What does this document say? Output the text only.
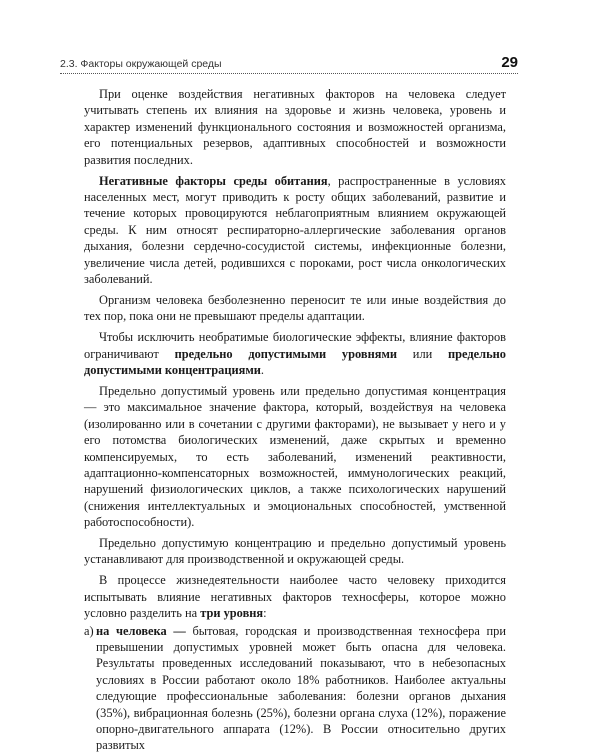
2.3. Факторы окружающей среды	29

При оценке воздействия негативных факторов на человека следует учитывать степень их влияния на здоровье и жизнь человека, уровень и характер изменений функционального состояния и возможностей организма, его потенциальных резервов, адаптивных способностей и возможности развития последних.

Негативные факторы среды обитания, распространенные в условиях населенных мест, могут приводить к росту общих заболеваний, развитие и течение которых провоцируются неблагоприятным влиянием окружающей среды. К ним относят респираторно-аллергические заболевания органов дыхания, болезни сердечно-сосудистой системы, инфекционные болезни, увеличение числа детей, родившихся с пороками, рост числа онкологических заболеваний.

Организм человека безболезненно переносит те или иные воздействия до тех пор, пока они не превышают пределы адаптации.

Чтобы исключить необратимые биологические эффекты, влияние факторов ограничивают предельно допустимыми уровнями или предельно допустимыми концентрациями.

Предельно допустимый уровень или предельно допустимая концентрация — это максимальное значение фактора, который, воздействуя на человека (изолированно или в сочетании с другими факторами), не вызывает у него и у его потомства биологических изменений, даже скрытых и временно компенсируемых, то есть заболеваний, изменений реактивности, адаптационно-компенсаторных возможностей, иммунологических реакций, нарушений физиологических циклов, а также психологических нарушений (снижения интеллектуальных и эмоциональных способностей, умственной работоспособности).

Предельно допустимую концентрацию и предельно допустимый уровень устанавливают для производственной и окружающей среды.

В процессе жизнедеятельности наиболее часто человеку приходится испытывать влияние негативных факторов техносферы, которое можно условно разделить на три уровня:

а) на человека — бытовая, городская и производственная техносфера при превышении допустимых уровней может быть опасна для человека. Результаты проведенных исследований показывают, что в небезопасных условиях в России работают около 18% работников. Наиболее актуальны следующие профессиональные заболевания: болезни органов дыхания (35%), вибрационная болезнь (25%), болезни органа слуха (12%), поражение опорно-двигательного аппарата (12%). В России относительно других развитых
